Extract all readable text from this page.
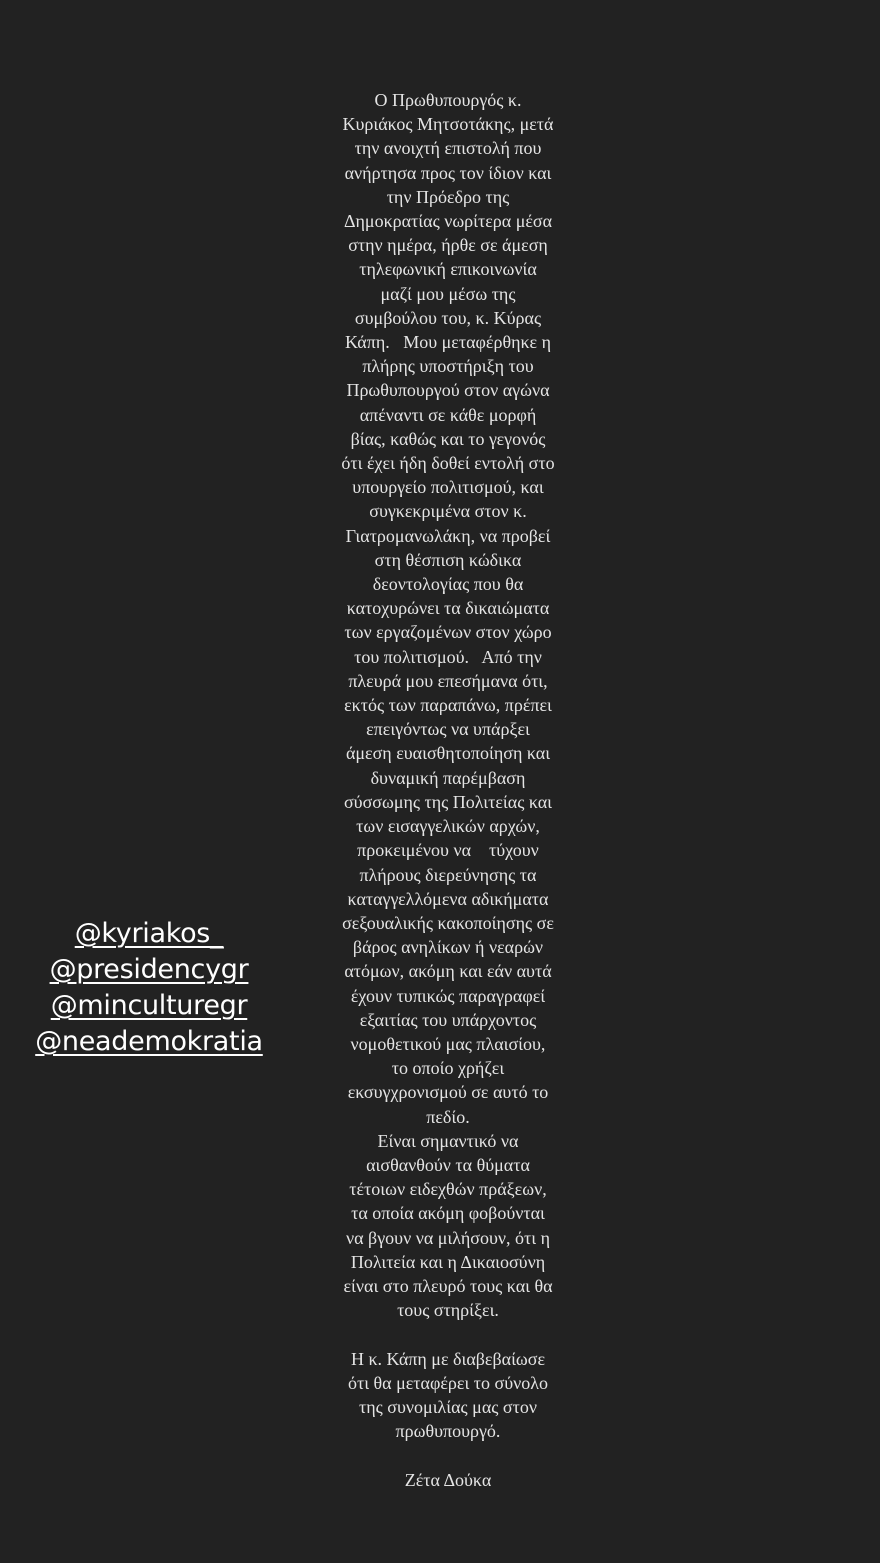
@kyriakos_
@presidencygr
@minculturegr
@neademokratia
Ο Πρωθυπουργός κ.
Κυριάκος Μητσοτάκης, μετά
την ανοιχτή επιστολή που
ανήρτησα προς τον ίδιον και
την Πρόεδρο της
Δημοκρατίας νωρίτερα μέσα
στην ημέρα, ήρθε σε άμεση
τηλεφωνική επικοινωνία
μαζί μου μέσω της
συμβούλου του, κ. Κύρας
Κάπη.   Μου μεταφέρθηκε η
πλήρης υποστήριξη του
Πρωθυπουργού στον αγώνα
απέναντι σε κάθε μορφή
βίας, καθώς και το γεγονός
ότι έχει ήδη δοθεί εντολή στο
υπουργείο πολιτισμού, και
συγκεκριμένα στον κ.
Γιατρομανωλάκη, να προβεί
στη θέσπιση κώδικα
δεοντολογίας που θα
κατοχυρώνει τα δικαιώματα
των εργαζομένων στον χώρο
του πολιτισμού.   Από την
πλευρά μου επεσήμανα ότι,
εκτός των παραπάνω, πρέπει
επειγόντως να υπάρξει
άμεση ευαισθητοποίηση και
δυναμική παρέμβαση
σύσσωμης της Πολιτείας και
των εισαγγελικών αρχών,
προκειμένου να    τύχουν
πλήρους διερεύνησης τα
καταγγελλόμενα αδικήματα
σεξουαλικής κακοποίησης σε
βάρος ανηλίκων ή νεαρών
ατόμων, ακόμη και εάν αυτά
έχουν τυπικώς παραγραφεί
εξαιτίας του υπάρχοντος
νομοθετικού μας πλαισίου,
το οποίο χρήζει
εκσυγχρονισμού σε αυτό το
πεδίο.
Είναι σημαντικό να
αισθανθούν τα θύματα
τέτοιων ειδεχθών πράξεων,
τα οποία ακόμη φοβούνται
να βγουν να μιλήσουν, ότι η
Πολιτεία και η Δικαιοσύνη
είναι στο πλευρό τους και θα
τους στηρίξει.
Η κ. Κάπη με διαβεβαίωσε
ότι θα μεταφέρει το σύνολο
της συνομιλίας μας στον
πρωθυπουργό.
Ζέτα Δούκα
